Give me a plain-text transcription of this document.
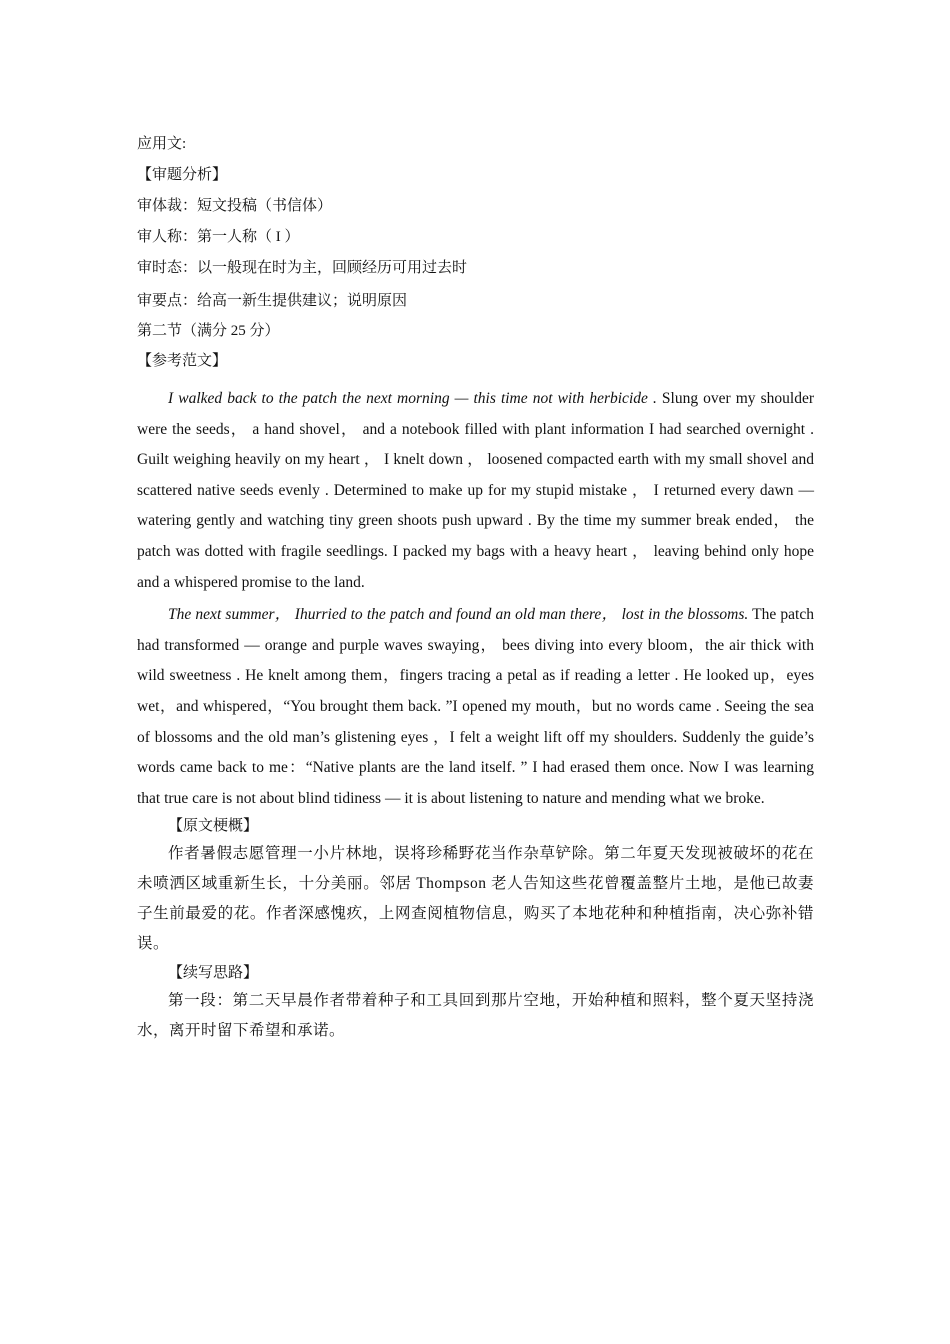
应用文:
【审题分析】
审体裁：短文投稿（书信体）
审人称：第一人称（ I ）
审时态：以一般现在时为主，回顾经历可用过去时
审要点：给高一新生提供建议；说明原因
第二节（满分 25 分）
【参考范文】

I walked back to the patch the next morning — this time not with herbicide . Slung over my shoulder were the seeds， a hand shovel， and a notebook filled with plant information I had searched overnight . Guilt weighing heavily on my heart ， I knelt down ， loosened compacted earth with my small shovel and scattered native seeds evenly . Determined to make up for my stupid mistake ， I returned every dawn — watering gently and watching tiny green shoots push upward . By the time my summer break ended， the patch was dotted with fragile seedlings. I packed my bags with a heavy heart ， leaving behind only hope and a whispered promise to the land.

The next summer， Ihurried to the patch and found an old man there， lost in the blossoms. The patch had transformed — orange and purple waves swaying， bees diving into every bloom，the air thick with wild sweetness . He knelt among them，fingers tracing a petal as if reading a letter . He looked up，eyes wet，and whispered，“You brought them back. ”I opened my mouth，but no words came . Seeing the sea of blossoms and the old man’s glistening eyes ，I felt a weight lift off my shoulders. Suddenly the guide’s words came back to me：“Native plants are the land itself. ” I had erased them once. Now I was learning that true care is not about blind tidiness — it is about listening to nature and mending what we broke.

【原文梗概】

作者暑假志愿管理一小片林地，误将珍稀野花当作杂草铲除。第二年夏天发现被破坏的花在未喷洒区域重新生长，十分美丽。邻居 Thompson 老人告知这些花曾覆盖整片土地，是他已故妻子生前最爱的花。作者深感愧疚，上网查阅植物信息，购买了本地花种和种植指南，决心弥补错误。

【续写思路】

第一段：第二天早晨作者带着种子和工具回到那片空地，开始种植和照料，整个夏天坚持浇水，离开时留下希望和承诺。
